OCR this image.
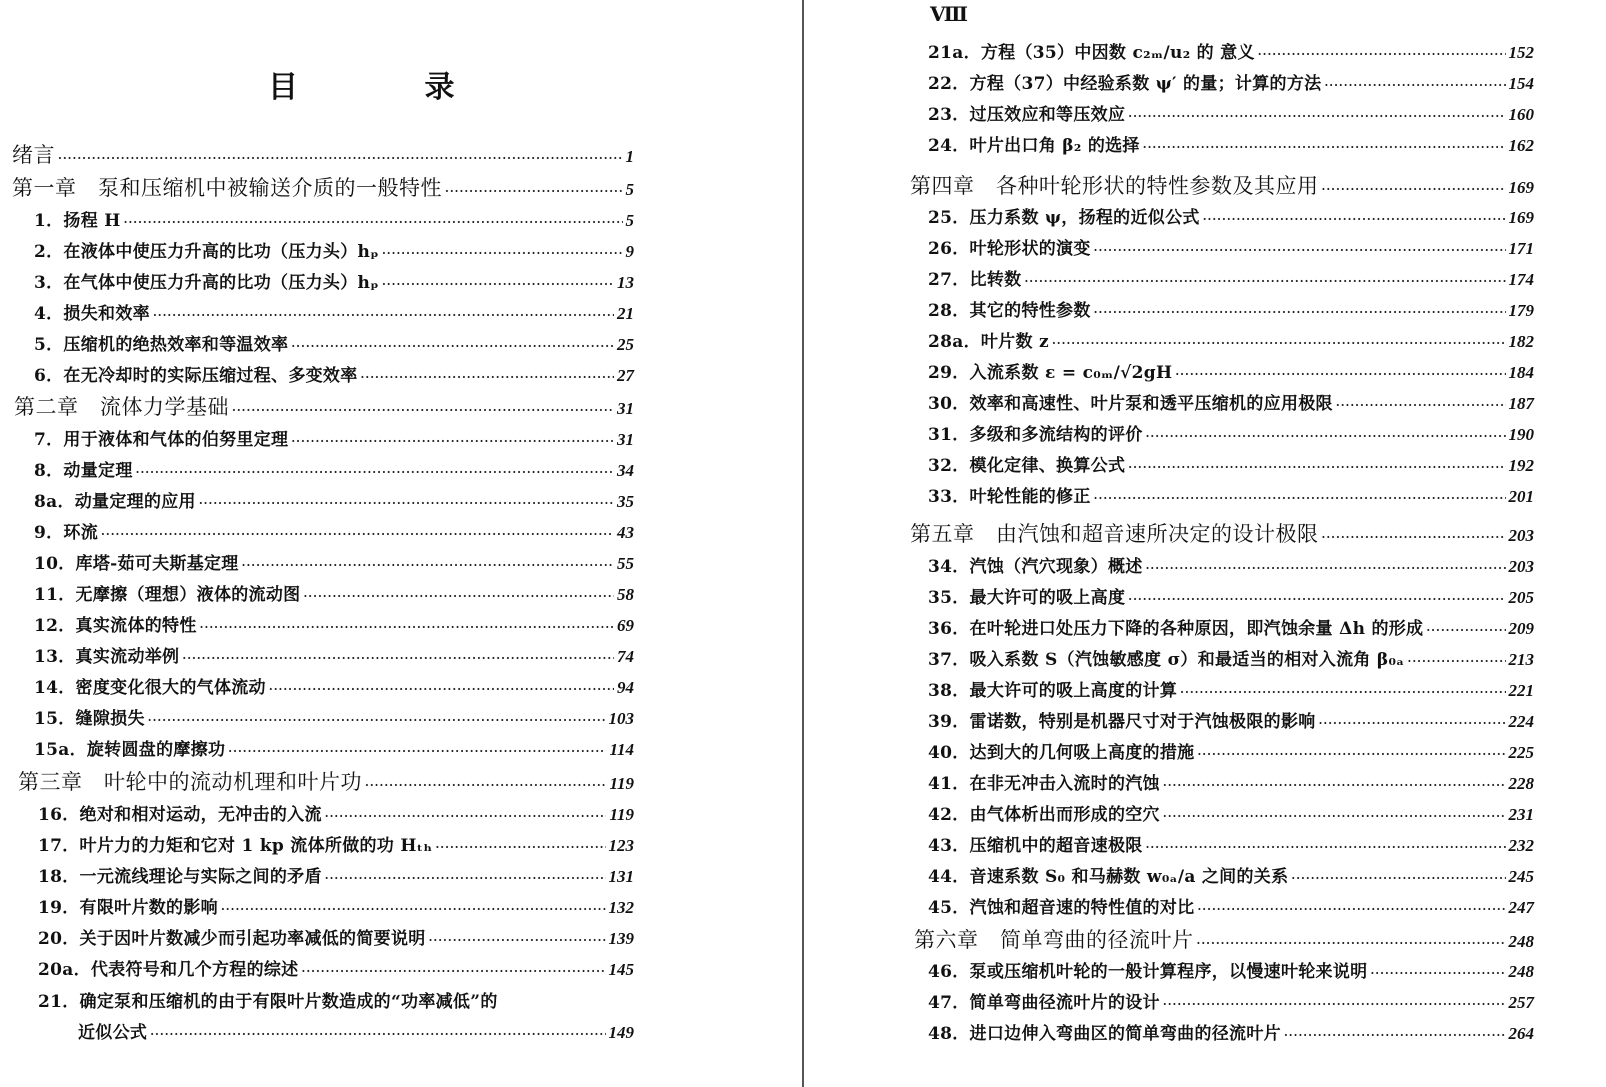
目 录
Ⅷ
绪言 ·····	1
第一章　泵和压缩机中被输送介质的一般特性 ·····	5
1．扬程 H ·····	5
2．在液体中使压力升高的比功（压力头）hₚ ·····	9
3．在气体中使压力升高的比功（压力头）hₚ ·····	13
4．损失和效率 ·····	21
5．压缩机的绝热效率和等温效率 ·····	25
6．在无冷却时的实际压缩过程、多变效率 ·····	27
第二章　流体力学基础 ·····	31
7．用于液体和气体的伯努里定理 ·····	31
8．动量定理 ·····	34
8a．动量定理的应用 ·····	35
9．环流 ·····	43
10．库塔-茹可夫斯基定理 ·····	55
11．无摩擦（理想）液体的流动图 ·····	58
12．真实流体的特性 ·····	69
13．真实流动举例 ·····	74
14．密度变化很大的气体流动 ·····	94
15．缝隙损失 ·····	103
15a．旋转圆盘的摩擦功 ·····	114
第三章　叶轮中的流动机理和叶片功 ·····	119
16．绝对和相对运动，无冲击的入流 ·····	119
17．叶片力的力矩和它对 1 kp 流体所做的功 Hₜₕ ·····	123
18．一元流线理论与实际之间的矛盾 ·····	131
19．有限叶片数的影响 ·····	132
20．关于因叶片数减少而引起功率减低的简要说明 ·····	139
20a．代表符号和几个方程的综述 ·····	145
21．确定泵和压缩机的由于有限叶片数造成的“功率减低”的
近似公式 ·····	149
21a．方程（35）中因数 c₂ₘ/u₂ 的 意义 ·····	152
22．方程（37）中经验系数 ψ′ 的量；计算的方法 ·····	154
23．过压效应和等压效应 ·····	160
24．叶片出口角 β₂ 的选择 ·····	162
第四章　各种叶轮形状的特性参数及其应用 ·····	169
25．压力系数 ψ，扬程的近似公式 ·····	169
26．叶轮形状的演变 ·····	171
27．比转数 ·····	174
28．其它的特性参数 ·····	179
28a．叶片数 z ·····	182
29．入流系数 ε = c₀ₘ/√2gH ·····	184
30．效率和高速性、叶片泵和透平压缩机的应用极限 ·····	187
31．多级和多流结构的评价 ·····	190
32．模化定律、换算公式 ·····	192
33．叶轮性能的修正 ·····	201
第五章　由汽蚀和超音速所决定的设计极限 ·····	203
34．汽蚀（汽穴现象）概述 ·····	203
35．最大许可的吸上高度 ·····	205
36．在叶轮进口处压力下降的各种原因，即汽蚀余量 Δh 的形成 ·····	209
37．吸入系数 S（汽蚀敏感度 σ）和最适当的相对入流角 β₀ₐ ·····	213
38．最大许可的吸上高度的计算 ·····	221
39．雷诺数，特别是机器尺寸对于汽蚀极限的影响 ·····	224
40．达到大的几何吸上高度的措施 ·····	225
41．在非无冲击入流时的汽蚀 ·····	228
42．由气体析出而形成的空穴 ·····	231
43．压缩机中的超音速极限 ·····	232
44．音速系数 S₀ 和马赫数 w₀ₐ/a 之间的关系 ·····	245
45．汽蚀和超音速的特性值的对比 ·····	247
第六章　简单弯曲的径流叶片 ·····	248
46．泵或压缩机叶轮的一般计算程序，以慢速叶轮来说明 ·····	248
47．简单弯曲径流叶片的设计 ·····	257
48．进口边伸入弯曲区的简单弯曲的径流叶片 ·····	264
